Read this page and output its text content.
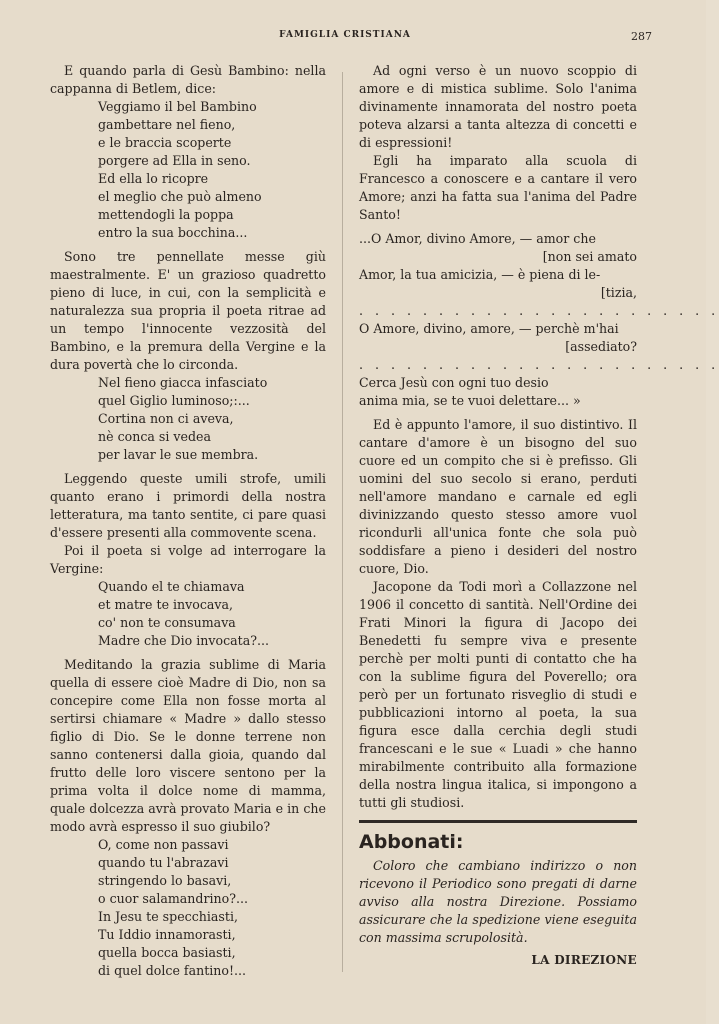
FAMIGLIA CRISTIANA	287

E quando parla di Gesù Bambino: nella cappanna di Betlem, dice:

Veggiamo il bel Bambino
gambettare nel fieno,
e le braccia scoperte
porgere ad Ella in seno.
Ed ella lo ricopre
el meglio che può almeno
mettendogli la poppa
entro la sua bocchina...

Sono tre pennellate messe giù maestralmente. E' un grazioso quadretto pieno di luce, in cui, con la semplicità e naturalezza sua propria il poeta ritrae ad un tempo l'innocente vezzosità del Bambino, e la premura della Vergine e la dura povertà che lo circonda.

Nel fieno giacca infasciato
quel Giglio luminoso;:...
Cortina non ci aveva,
nè conca si vedea
per lavar le sue membra.

Leggendo queste umili strofe, umili quanto erano i primordi della nostra letteratura, ma tanto sentite, ci pare quasi d'essere presenti alla commovente scena.

Poi il poeta si volge ad interrogare la Vergine:

Quando el te chiamava
et matre te invocava,
co' non te consumava
Madre che Dio invocata?...

Meditando la grazia sublime di Maria quella di essere cioè Madre di Dio, non sa concepire come Ella non fosse morta al sertirsi chiamare « Madre » dallo stesso figlio di Dio. Se le donne terrene non sanno contenersi dalla gioia, quando dal frutto delle loro viscere sentono per la prima volta il dolce nome di mamma, quale dolcezza avrà provato Maria e in che modo avrà espresso il suo giubilo?

O, come non passavi
quando tu l'abrazavi
stringendo lo basavi,
o cuor salamandrino?...
In Jesu te specchiasti,
Tu Iddio innamorasti,
quella bocca basiasti,
di quel dolce fantino!...

Ad ogni verso è un nuovo scoppio di amore e di mistica sublime. Solo l'anima divinamente innamorata del nostro poeta poteva alzarsi a tanta altezza di concetti e di espressioni!

Egli ha imparato alla scuola di Francesco a conoscere e a cantare il vero Amore; anzi ha fatta sua l'anima del Padre Santo!

...O Amor, divino Amore, — amor che
[non sei amato
Amor, la tua amicizia, — è piena di le-
[tizia,
. . . . . . . . . . . . . . . . . . . . . . .
O Amore, divino, amore, — perchè m'hai
[assediato?
. . . . . . . . . . . . . . . . . . . . . . .
Cerca Jesù con ogni tuo desio
anima mia, se te vuoi delettare... »

Ed è appunto l'amore, il suo distintivo. Il cantare d'amore è un bisogno del suo cuore ed un compito che si è prefisso. Gli uomini del suo secolo si erano, perduti nell'amore mandano e carnale ed egli divinizzando questo stesso amore vuol ricondurli all'unica fonte che sola può soddisfare a pieno i desideri del nostro cuore, Dio.

Jacopone da Todi morì a Collazzone nel 1906 il concetto di santità. Nell'Ordine dei Frati Minori la figura di Jacopo dei Benedetti fu sempre viva e presente perchè per molti punti di contatto che ha con la sublime figura del Poverello; ora però per un fortunato risveglio di studi e pubblicazioni intorno al poeta, la sua figura esce dalla cerchia degli studi francescani e le sue « Luadi » che hanno mirabilmente contribuito alla formazione della nostra lingua italica, si impongono a tutti gli studiosi.

Abbonati:

Coloro che cambiano indirizzo o non ricevono il Periodico sono pregati di darne avviso alla nostra Direzione. Possiamo assicurare che la spedizione viene eseguita con massima scrupolosità.

LA DIREZIONE
